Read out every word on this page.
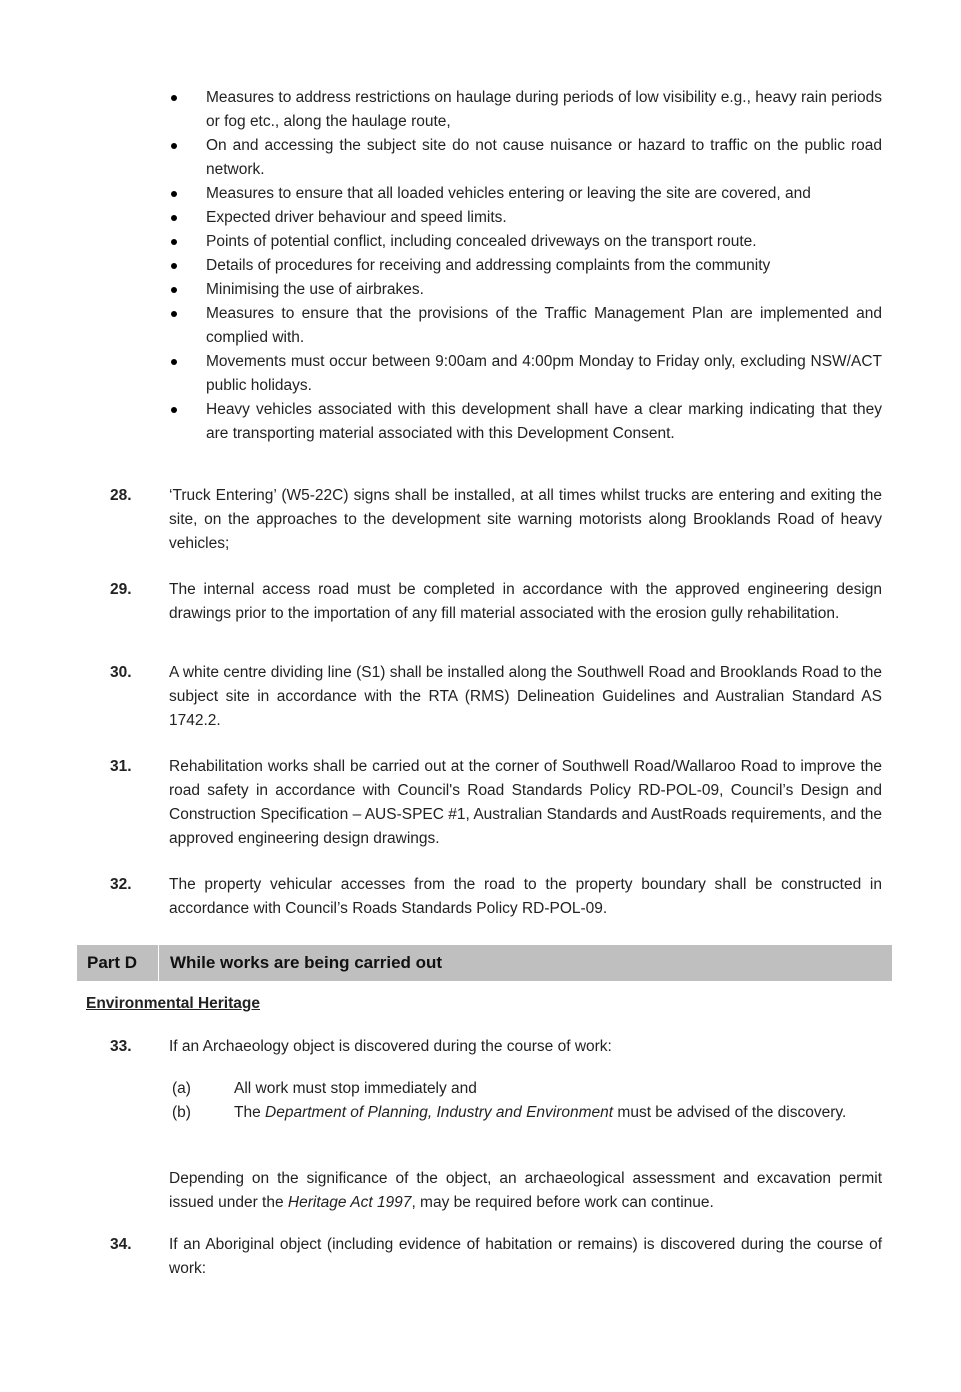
Measures to address restrictions on haulage during periods of low visibility e.g., heavy rain periods or fog etc., along the haulage route,
On and accessing the subject site do not cause nuisance or hazard to traffic on the public road network.
Measures to ensure that all loaded vehicles entering or leaving the site are covered, and
Expected driver behaviour and speed limits.
Points of potential conflict, including concealed driveways on the transport route.
Details of procedures for receiving and addressing complaints from the community
Minimising the use of airbrakes.
Measures to ensure that the provisions of the Traffic Management Plan are implemented and complied with.
Movements must occur between 9:00am and 4:00pm Monday to Friday only, excluding NSW/ACT public holidays.
Heavy vehicles associated with this development shall have a clear marking indicating that they are transporting material associated with this Development Consent.
28. ‘Truck Entering’ (W5-22C) signs shall be installed, at all times whilst trucks are entering and exiting the site, on the approaches to the development site warning motorists along Brooklands Road of heavy vehicles;
29. The internal access road must be completed in accordance with the approved engineering design drawings prior to the importation of any fill material associated with the erosion gully rehabilitation.
30. A white centre dividing line (S1) shall be installed along the Southwell Road and Brooklands Road to the subject site in accordance with the RTA (RMS) Delineation Guidelines and Australian Standard AS 1742.2.
31. Rehabilitation works shall be carried out at the corner of Southwell Road/Wallaroo Road to improve the road safety in accordance with Council's Road Standards Policy RD-POL-09, Council’s Design and Construction Specification – AUS-SPEC #1, Australian Standards and AustRoads requirements, and the approved engineering design drawings.
32. The property vehicular accesses from the road to the property boundary shall be constructed in accordance with Council’s Roads Standards Policy RD-POL-09.
Part D While works are being carried out
Environmental Heritage
33. If an Archaeology object is discovered during the course of work:
(a)	All work must stop immediately and
(b)	The Department of Planning, Industry and Environment must be advised of the discovery.
Depending on the significance of the object, an archaeological assessment and excavation permit issued under the Heritage Act 1997, may be required before work can continue.
34. If an Aboriginal object (including evidence of habitation or remains) is discovered during the course of work:
